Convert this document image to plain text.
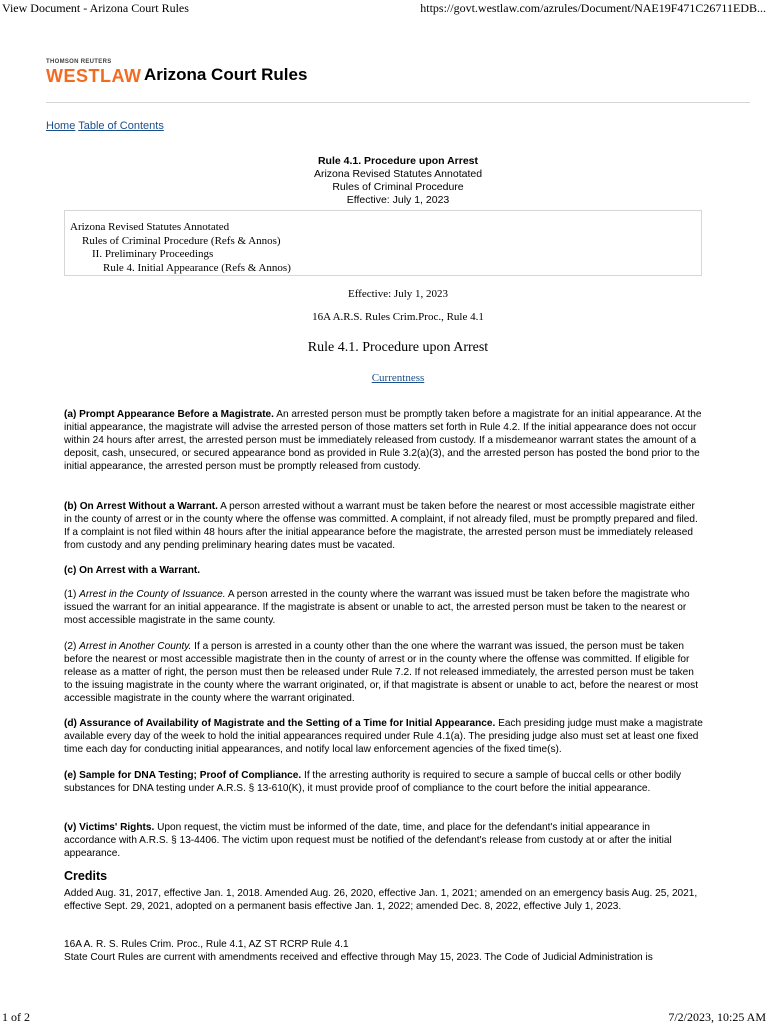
View Document - Arizona Court Rules	https://govt.westlaw.com/azrules/Document/NAE19F471C26711EDB...
1 of 2	7/2/2023, 10:25 AM
THOMSON REUTERS
WESTLAW Arizona Court Rules
Home Table of Contents
Rule 4.1. Procedure upon Arrest
Arizona Revised Statutes Annotated
Rules of Criminal Procedure
Effective: July 1, 2023
Arizona Revised Statutes Annotated
Rules of Criminal Procedure (Refs & Annos)
II. Preliminary Proceedings
Rule 4. Initial Appearance (Refs & Annos)
Effective: July 1, 2023
16A A.R.S. Rules Crim.Proc., Rule 4.1
Rule 4.1. Procedure upon Arrest
Currentness
(a) Prompt Appearance Before a Magistrate. An arrested person must be promptly taken before a magistrate for an initial appearance. At the initial appearance, the magistrate will advise the arrested person of those matters set forth in Rule 4.2. If the initial appearance does not occur within 24 hours after arrest, the arrested person must be immediately released from custody. If a misdemeanor warrant states the amount of a deposit, cash, unsecured, or secured appearance bond as provided in Rule 3.2(a)(3), and the arrested person has posted the bond prior to the initial appearance, the arrested person must be promptly released from custody.
(b) On Arrest Without a Warrant. A person arrested without a warrant must be taken before the nearest or most accessible magistrate either in the county of arrest or in the county where the offense was committed. A complaint, if not already filed, must be promptly prepared and filed. If a complaint is not filed within 48 hours after the initial appearance before the magistrate, the arrested person must be immediately released from custody and any pending preliminary hearing dates must be vacated.
(c) On Arrest with a Warrant.
(1) Arrest in the County of Issuance. A person arrested in the county where the warrant was issued must be taken before the magistrate who issued the warrant for an initial appearance. If the magistrate is absent or unable to act, the arrested person must be taken to the nearest or most accessible magistrate in the same county.
(2) Arrest in Another County. If a person is arrested in a county other than the one where the warrant was issued, the person must be taken before the nearest or most accessible magistrate then in the county of arrest or in the county where the offense was committed. If eligible for release as a matter of right, the person must then be released under Rule 7.2. If not released immediately, the arrested person must be taken to the issuing magistrate in the county where the warrant originated, or, if that magistrate is absent or unable to act, before the nearest or most accessible magistrate in the county where the warrant originated.
(d) Assurance of Availability of Magistrate and the Setting of a Time for Initial Appearance. Each presiding judge must make a magistrate available every day of the week to hold the initial appearances required under Rule 4.1(a). The presiding judge also must set at least one fixed time each day for conducting initial appearances, and notify local law enforcement agencies of the fixed time(s).
(e) Sample for DNA Testing; Proof of Compliance. If the arresting authority is required to secure a sample of buccal cells or other bodily substances for DNA testing under A.R.S. § 13-610(K), it must provide proof of compliance to the court before the initial appearance.
(v) Victims' Rights. Upon request, the victim must be informed of the date, time, and place for the defendant's initial appearance in accordance with A.R.S. § 13-4406. The victim upon request must be notified of the defendant's release from custody at or after the initial appearance.
Credits
Added Aug. 31, 2017, effective Jan. 1, 2018. Amended Aug. 26, 2020, effective Jan. 1, 2021; amended on an emergency basis Aug. 25, 2021, effective Sept. 29, 2021, adopted on a permanent basis effective Jan. 1, 2022; amended Dec. 8, 2022, effective July 1, 2023.
16A A. R. S. Rules Crim. Proc., Rule 4.1, AZ ST RCRP Rule 4.1
State Court Rules are current with amendments received and effective through May 15, 2023. The Code of Judicial Administration is
